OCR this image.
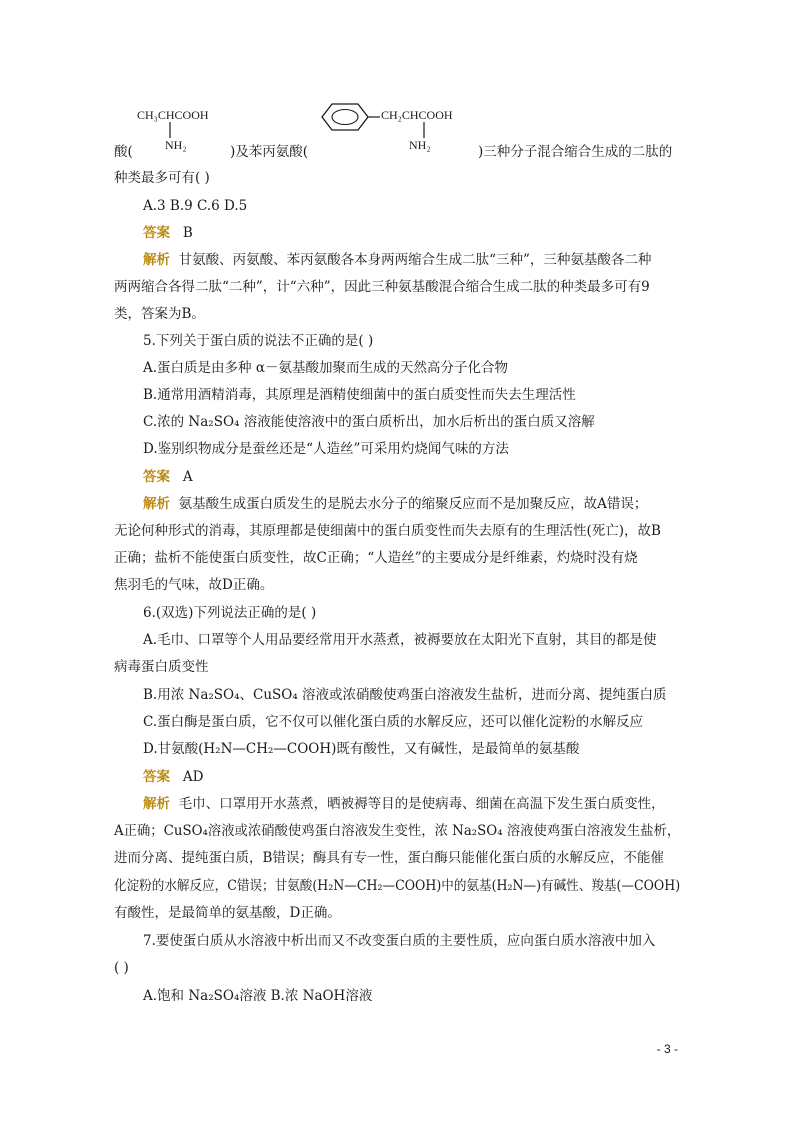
CH₃CHCOOH
NH₂
CH₂CHCOOH
NH₂
酸(	)及苯丙氨酸(	)三种分子混合缩合生成的二肽的
种类最多可有( )
A.3 B.9 C.6 D.5
答案 B
解析 甘氨酸、丙氨酸、苯丙氨酸各本身两两缩合生成二肽“三种”，三种氨基酸各二种
两两缩合各得二肽“二种”，计“六种”，因此三种氨基酸混合缩合生成二肽的种类最多可有9
类，答案为B。
5.下列关于蛋白质的说法不正确的是( )
A.蛋白质是由多种 α－氨基酸加聚而生成的天然高分子化合物
B.通常用酒精消毒，其原理是酒精使细菌中的蛋白质变性而失去生理活性
C.浓的 Na₂SO₄ 溶液能使溶液中的蛋白质析出，加水后析出的蛋白质又溶解
D.鉴别织物成分是蚕丝还是“人造丝”可采用灼烧闻气味的方法
答案 A
解析 氨基酸生成蛋白质发生的是脱去水分子的缩聚反应而不是加聚反应，故A错误；
无论何种形式的消毒，其原理都是使细菌中的蛋白质变性而失去原有的生理活性(死亡)，故B
正确；盐析不能使蛋白质变性，故C正确；“人造丝”的主要成分是纤维素，灼烧时没有烧
焦羽毛的气味，故D正确。
6.(双选)下列说法正确的是( )
A.毛巾、口罩等个人用品要经常用开水蒸煮，被褥要放在太阳光下直射，其目的都是使
病毒蛋白质变性
B.用浓 Na₂SO₄、CuSO₄ 溶液或浓硝酸使鸡蛋白溶液发生盐析，进而分离、提纯蛋白质
C.蛋白酶是蛋白质，它不仅可以催化蛋白质的水解反应，还可以催化淀粉的水解反应
D.甘氨酸(H₂N—CH₂—COOH)既有酸性，又有碱性，是最简单的氨基酸
答案 AD
解析 毛巾、口罩用开水蒸煮，晒被褥等目的是使病毒、细菌在高温下发生蛋白质变性，
A正确；CuSO₄溶液或浓硝酸使鸡蛋白溶液发生变性，浓 Na₂SO₄ 溶液使鸡蛋白溶液发生盐析，
进而分离、提纯蛋白质，B错误；酶具有专一性，蛋白酶只能催化蛋白质的水解反应，不能催
化淀粉的水解反应，C错误；甘氨酸(H₂N—CH₂—COOH)中的氨基(H₂N—)有碱性、羧基(—COOH)
有酸性，是最简单的氨基酸，D正确。
7.要使蛋白质从水溶液中析出而又不改变蛋白质的主要性质，应向蛋白质水溶液中加入
( )
A.饱和 Na₂SO₄溶液 B.浓 NaOH溶液
- 3 -
